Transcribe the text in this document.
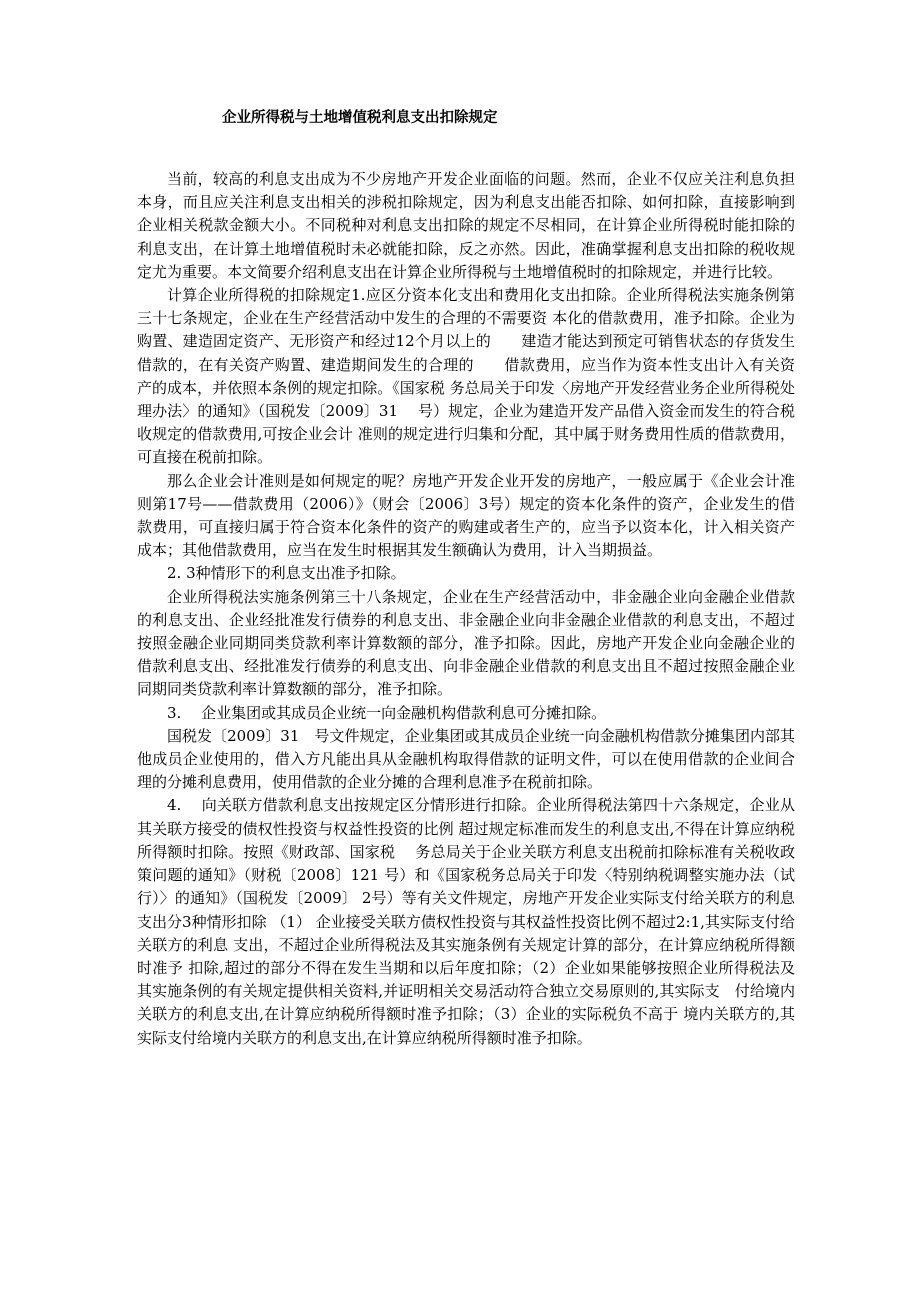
企业所得税与土地增值税利息支出扣除规定

当前，较高的利息支出成为不少房地产开发企业面临的问题。然而，企业不仅应关注利息负担本身，而且应关注利息支出相关的涉税扣除规定，因为利息支出能否扣除、如何扣除，直接影响到企业相关税款金额大小。不同税种对利息支出扣除的规定不尽相同，在计算企业所得税时能扣除的利息支出，在计算土地增值税时未必就能扣除，反之亦然。因此，准确掌握利息支出扣除的税收规定尤为重要。本文简要介绍利息支出在计算企业所得税与土地增值税时的扣除规定，并进行比较。

计算企业所得税的扣除规定1.应区分资本化支出和费用化支出扣除。企业所得税法实施条例第三十七条规定，企业在生产经营活动中发生的合理的不需要资 本化的借款费用，准予扣除。企业为购置、建造固定资产、无形资产和经过12个月以上的　　建造才能达到预定可销售状态的存货发生借款的，在有关资产购置、建造期间发生的合理的　　借款费用，应当作为资本性支出计入有关资产的成本，并依照本条例的规定扣除。《国家税 务总局关于印发〈房地产开发经营业务企业所得税处理办法〉的通知》（国税发〔2009〕31　 号）规定，企业为建造开发产品借入资金而发生的符合税收规定的借款费用,可按企业会计 准则的规定进行归集和分配，其中属于财务费用性质的借款费用，可直接在税前扣除。

那么企业会计准则是如何规定的呢？房地产开发企业开发的房地产，一般应属于《企业会计准则第17号——借款费用（2006）》（财会〔2006〕3号）规定的资本化条件的资产，企业发生的借款费用，可直接归属于符合资本化条件的资产的购建或者生产的，应当予以资本化，计入相关资产成本；其他借款费用，应当在发生时根据其发生额确认为费用，计入当期损益。

2. 3种情形下的利息支出准予扣除。

企业所得税法实施条例第三十八条规定，企业在生产经营活动中，非金融企业向金融企业借款的利息支出、企业经批准发行债券的利息支出、非金融企业向非金融企业借款的利息支出，不超过按照金融企业同期同类贷款利率计算数额的部分，准予扣除。因此，房地产开发企业向金融企业的借款利息支出、经批准发行债券的利息支出、向非金融企业借款的利息支出且不超过按照金融企业同期同类贷款利率计算数额的部分，准予扣除。

3.　 企业集团或其成员企业统一向金融机构借款利息可分摊扣除。

国税发〔2009〕31　号文件规定，企业集团或其成员企业统一向金融机构借款分摊集团内部其他成员企业使用的，借入方凡能出具从金融机构取得借款的证明文件，可以在使用借款的企业间合理的分摊利息费用，使用借款的企业分摊的合理利息准予在税前扣除。

4.　 向关联方借款利息支出按规定区分情形进行扣除。企业所得税法第四十六条规定，企业从其关联方接受的债权性投资与权益性投资的比例 超过规定标准而发生的利息支出,不得在计算应纳税所得额时扣除。按照《财政部、国家税　 务总局关于企业关联方利息支出税前扣除标准有关税收政策问题的通知》（财税〔2008〕121 号）和《国家税务总局关于印发〈特别纳税调整实施办法（试行）〉的通知》（国税发〔2009〕 2号）等有关文件规定，房地产开发企业实际支付给关联方的利息支出分3种情形扣除 （1） 企业接受关联方债权性投资与其权益性投资比例不超过2:1,其实际支付给关联方的利息 支出，不超过企业所得税法及其实施条例有关规定计算的部分，在计算应纳税所得额时准予 扣除,超过的部分不得在发生当期和以后年度扣除；（2）企业如果能够按照企业所得税法及 其实施条例的有关规定提供相关资料,并证明相关交易活动符合独立交易原则的,其实际支　付给境内关联方的利息支出,在计算应纳税所得额时准予扣除；（3）企业的实际税负不高于 境内关联方的,其实际支付给境内关联方的利息支出,在计算应纳税所得额时准予扣除。
